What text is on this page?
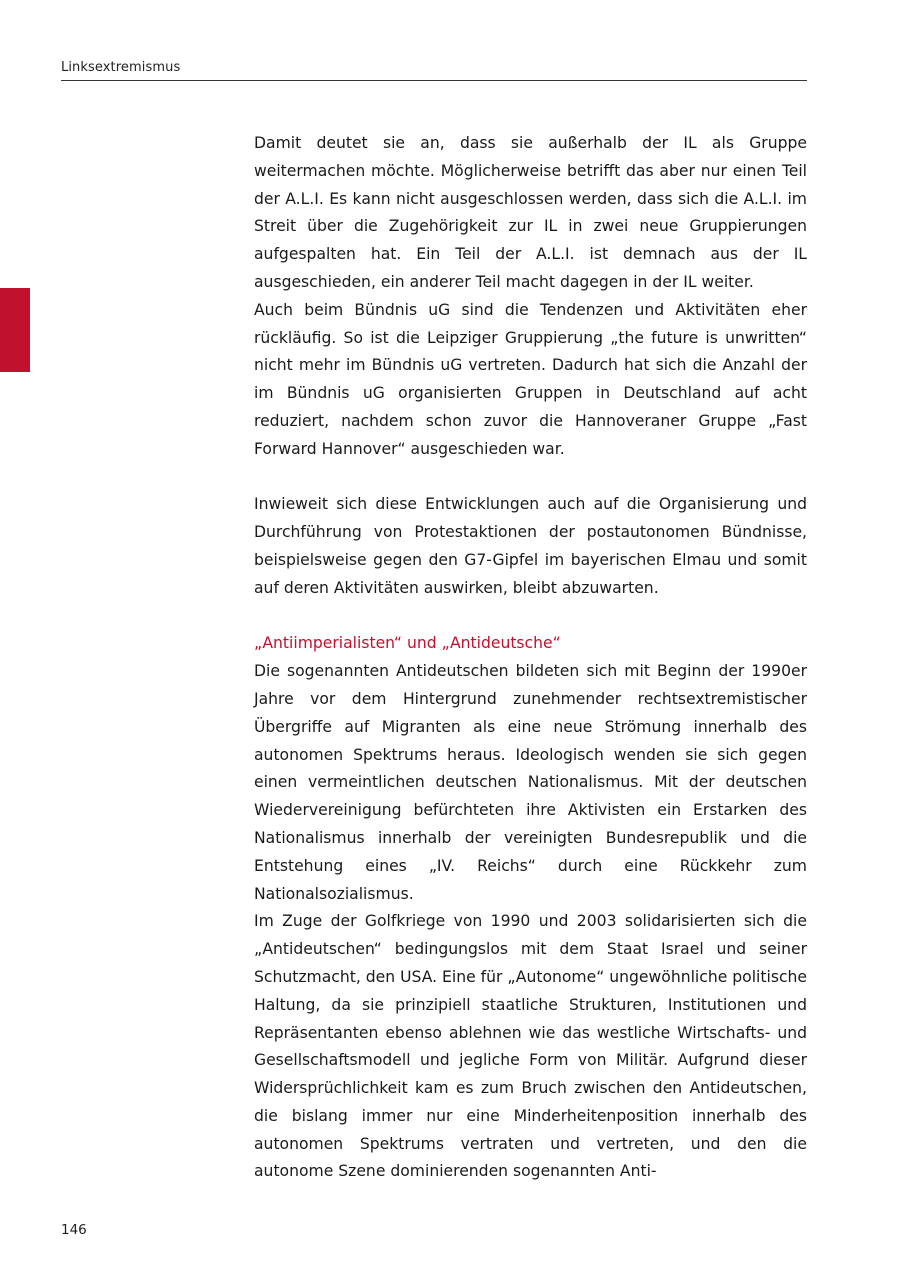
Linksextremismus

Damit deutet sie an, dass sie außerhalb der IL als Gruppe weitermachen möchte. Möglicherweise betrifft das aber nur einen Teil der A.L.I. Es kann nicht ausgeschlossen werden, dass sich die A.L.I. im Streit über die Zugehörigkeit zur IL in zwei neue Gruppierungen aufgespalten hat. Ein Teil der A.L.I. ist demnach aus der IL ausgeschieden, ein anderer Teil macht dagegen in der IL weiter.

Auch beim Bündnis uG sind die Tendenzen und Aktivitäten eher rückläufig. So ist die Leipziger Gruppierung „the future is unwritten“ nicht mehr im Bündnis uG vertreten. Dadurch hat sich die Anzahl der im Bündnis uG organisierten Gruppen in Deutschland auf acht reduziert, nachdem schon zuvor die Hannoveraner Gruppe „Fast Forward Hannover“ ausgeschieden war.

Inwieweit sich diese Entwicklungen auch auf die Organisierung und Durchführung von Protestaktionen der postautonomen Bündnisse, beispielsweise gegen den G7-Gipfel im bayerischen Elmau und somit auf deren Aktivitäten auswirken, bleibt abzuwarten.

„Antiimperialisten“ und „Antideutsche“

Die sogenannten Antideutschen bildeten sich mit Beginn der 1990er Jahre vor dem Hintergrund zunehmender rechtsextremistischer Übergriffe auf Migranten als eine neue Strömung innerhalb des autonomen Spektrums heraus. Ideologisch wenden sie sich gegen einen vermeintlichen deutschen Nationalismus. Mit der deutschen Wiedervereinigung befürchteten ihre Aktivisten ein Erstarken des Nationalismus innerhalb der vereinigten Bundesrepublik und die Entstehung eines „IV. Reichs“ durch eine Rückkehr zum Nationalsozialismus.

Im Zuge der Golfkriege von 1990 und 2003 solidarisierten sich die „Antideutschen“ bedingungslos mit dem Staat Israel und seiner Schutzmacht, den USA. Eine für „Autonome“ ungewöhnliche politische Haltung, da sie prinzipiell staatliche Strukturen, Institutionen und Repräsentanten ebenso ablehnen wie das westliche Wirtschafts- und Gesellschaftsmodell und jegliche Form von Militär. Aufgrund dieser Widersprüchlichkeit kam es zum Bruch zwischen den Antideutschen, die bislang immer nur eine Minderheitenposition innerhalb des autonomen Spektrums vertraten und vertreten, und den die autonome Szene dominierenden sogenannten Anti-

146
